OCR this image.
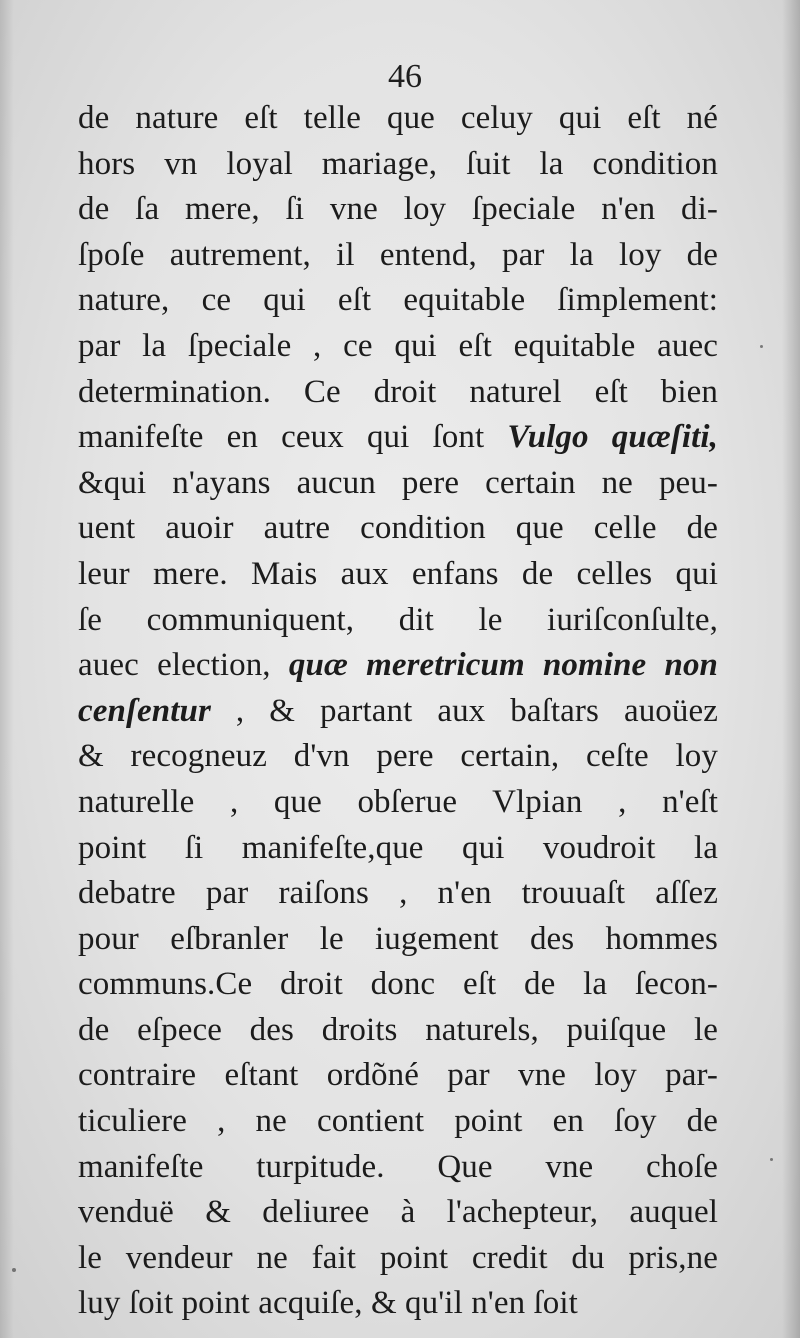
46
de nature eſt telle que celuy qui eſt né
hors vn loyal mariage, ſuit la condition
de ſa mere, ſi vne loy ſpeciale n'en di-
ſpoſe autrement, il entend, par la loy de
nature, ce qui eſt equitable ſimplement:
par la ſpeciale , ce qui eſt equitable auec
determination. Ce droit naturel eſt bien
manifeſte en ceux qui ſont Vulgo quæſiti,
&qui n'ayans aucun pere certain ne peu-
uent auoir autre condition que celle de
leur mere. Mais aux enfans de celles qui
ſe communiquent, dit le iuriſconſulte,
auec election, quæ meretricum nomine non
cenſentur , & partant aux baſtars auoüez
& recogneuz d'vn pere certain, ceſte loy
naturelle , que obſerue Vlpian , n'eſt
point ſi manifeſte,que qui voudroit la
debatre par raiſons , n'en trouuaſt aſſez
pour eſbranler le iugement des hommes
communs.Ce droit donc eſt de la ſecon-
de eſpece des droits naturels, puiſque le
contraire eſtant ordõné par vne loy par-
ticuliere , ne contient point en ſoy de
manifeſte turpitude. Que vne choſe
venduë & deliuree à l'achepteur, auquel
le vendeur ne fait point credit du pris,ne
luy ſoit point acquiſe, & qu'il n'en ſoit
